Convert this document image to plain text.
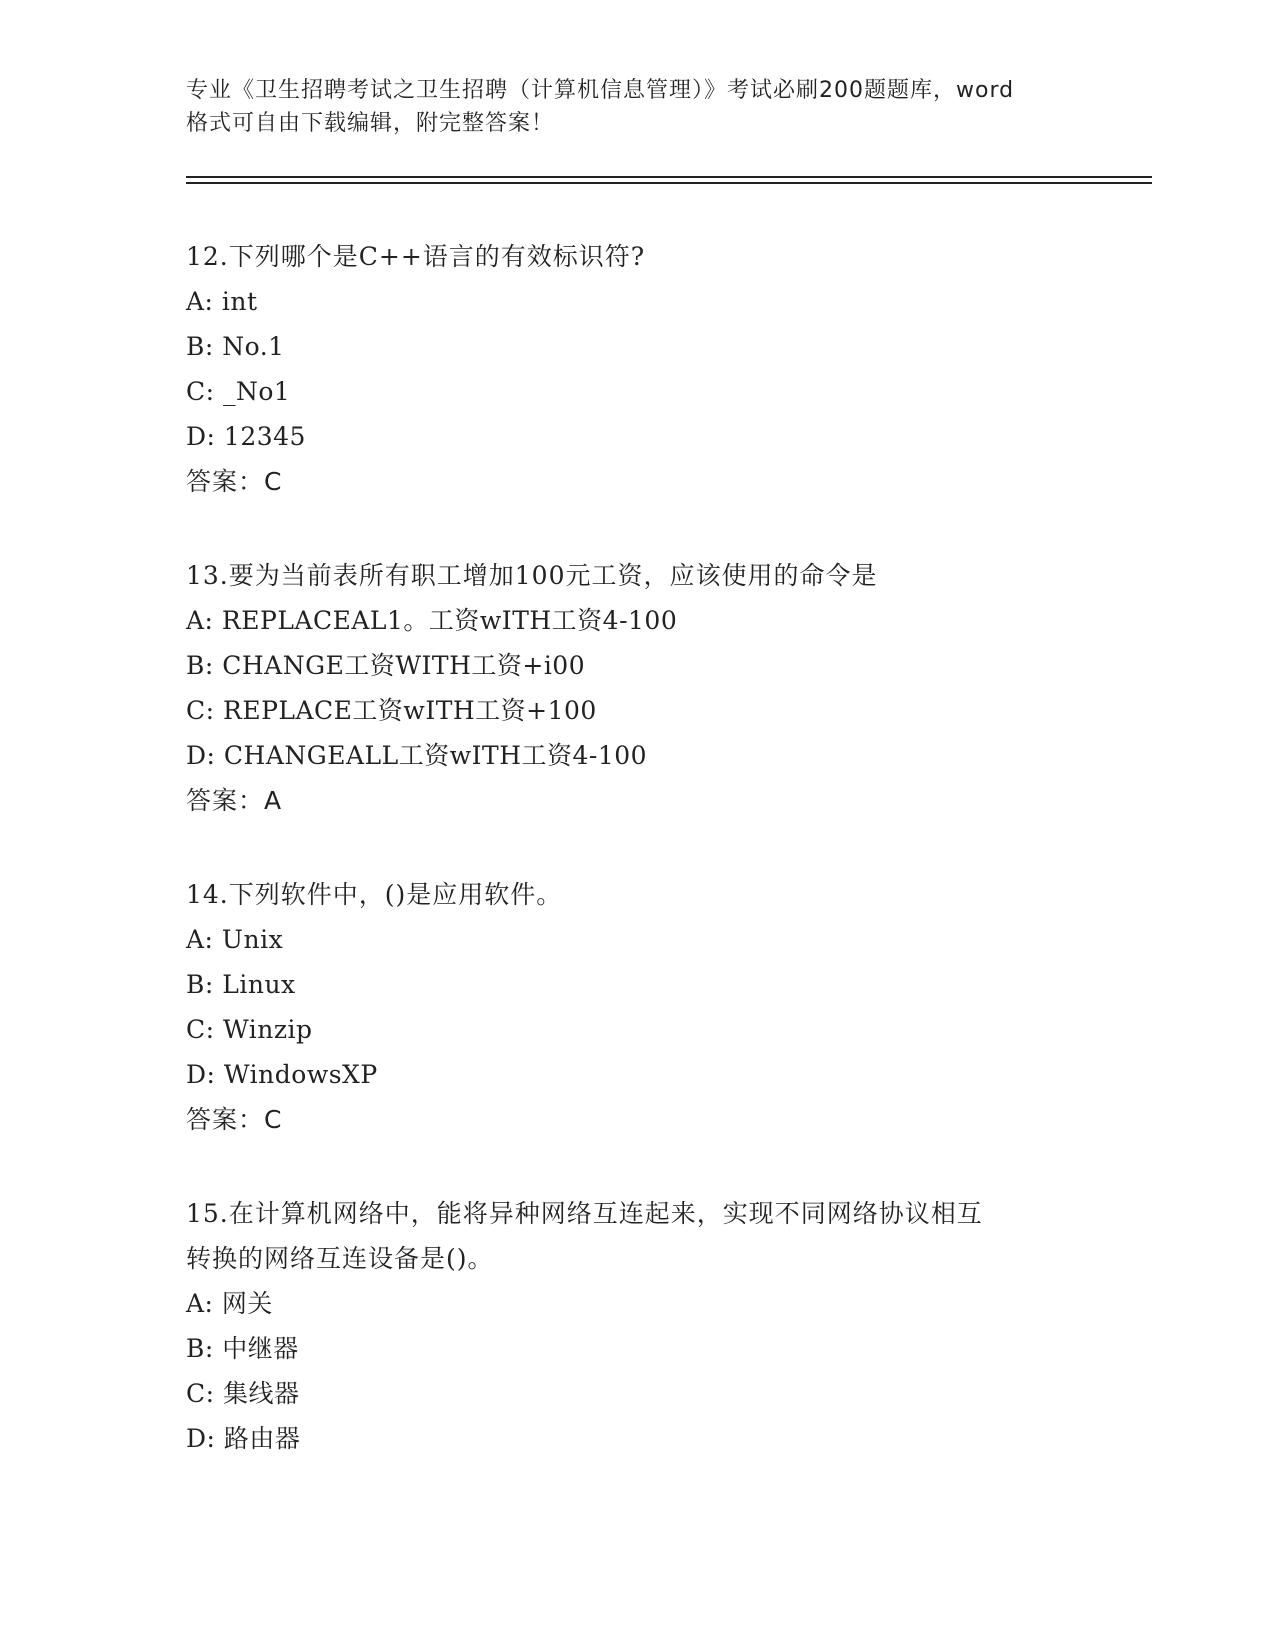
专业《卫生招聘考试之卫生招聘（计算机信息管理）》考试必刷200题题库，word
格式可自由下载编辑，附完整答案！
12.下列哪个是C++语言的有效标识符?
A: int
B: No.1
C: _No1
D: 12345
答案：C
13.要为当前表所有职工增加100元工资，应该使用的命令是
A: REPLACEAL1。工资wITH工资4-100
B: CHANGE工资WITH工资+i00
C: REPLACE工资wITH工资+100
D: CHANGEALL工资wITH工资4-100
答案：A
14.下列软件中，()是应用软件。
A: Unix
B: Linux
C: Winzip
D: WindowsXP
答案：C
15.在计算机网络中，能将异种网络互连起来，实现不同网络协议相互
转换的网络互连设备是()。
A: 网关
B: 中继器
C: 集线器
D: 路由器
